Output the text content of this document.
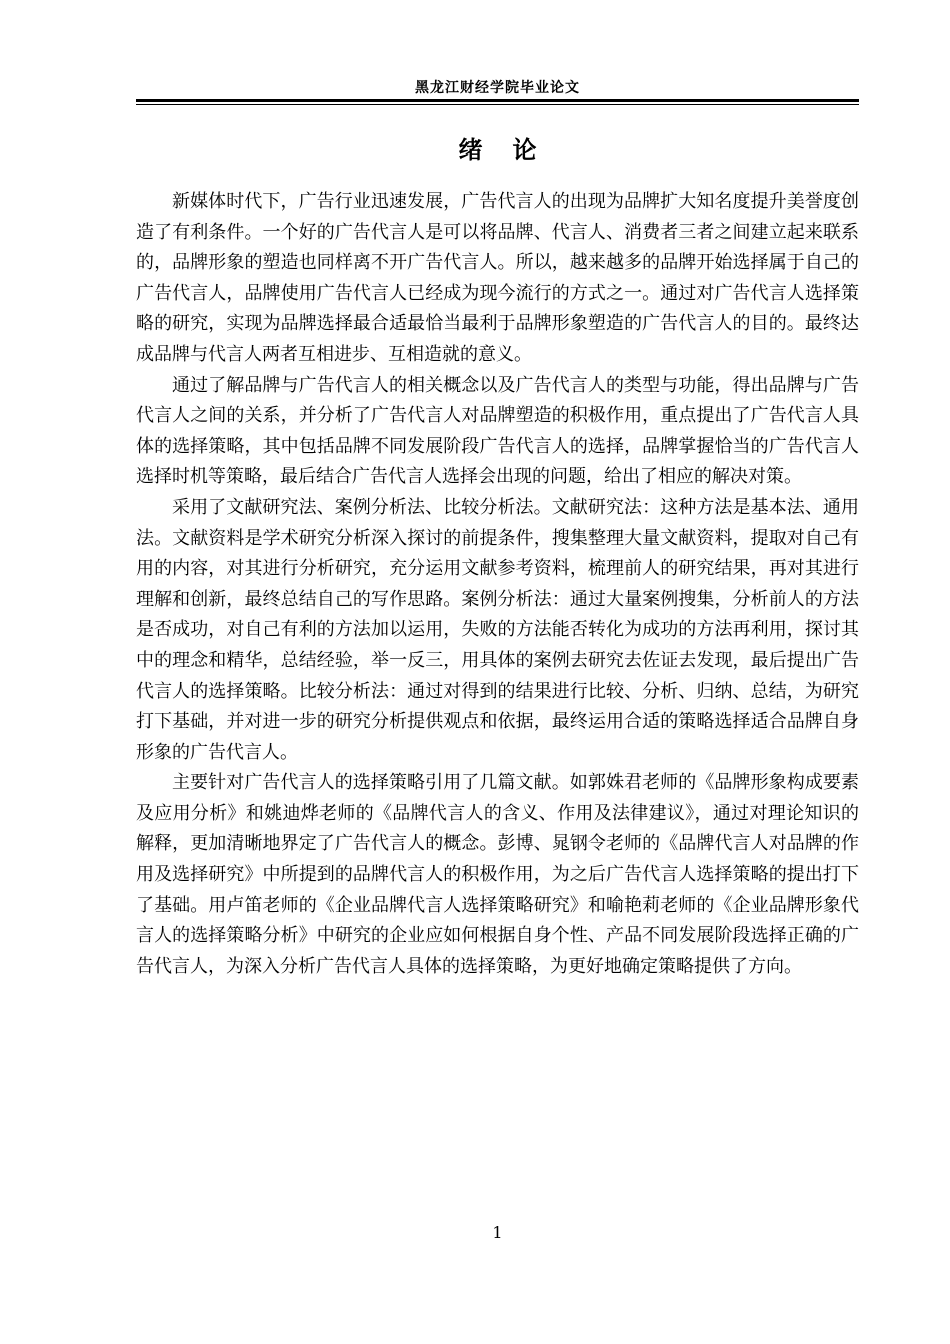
黑龙江财经学院毕业论文
绪论

新媒体时代下，广告行业迅速发展，广告代言人的出现为品牌扩大知名度提升美誉度创造了有利条件。一个好的广告代言人是可以将品牌、代言人、消费者三者之间建立起来联系的，品牌形象的塑造也同样离不开广告代言人。所以，越来越多的品牌开始选择属于自己的广告代言人，品牌使用广告代言人已经成为现今流行的方式之一。通过对广告代言人选择策略的研究，实现为品牌选择最合适最恰当最利于品牌形象塑造的广告代言人的目的。最终达成品牌与代言人两者互相进步、互相造就的意义。

通过了解品牌与广告代言人的相关概念以及广告代言人的类型与功能，得出品牌与广告代言人之间的关系，并分析了广告代言人对品牌塑造的积极作用，重点提出了广告代言人具体的选择策略，其中包括品牌不同发展阶段广告代言人的选择，品牌掌握恰当的广告代言人选择时机等策略，最后结合广告代言人选择会出现的问题，给出了相应的解决对策。

采用了文献研究法、案例分析法、比较分析法。文献研究法：这种方法是基本法、通用法。文献资料是学术研究分析深入探讨的前提条件，搜集整理大量文献资料，提取对自己有用的内容，对其进行分析研究，充分运用文献参考资料，梳理前人的研究结果，再对其进行理解和创新，最终总结自己的写作思路。案例分析法：通过大量案例搜集，分析前人的方法是否成功，对自己有利的方法加以运用，失败的方法能否转化为成功的方法再利用，探讨其中的理念和精华，总结经验，举一反三，用具体的案例去研究去佐证去发现，最后提出广告代言人的选择策略。比较分析法：通过对得到的结果进行比较、分析、归纳、总结，为研究打下基础，并对进一步的研究分析提供观点和依据，最终运用合适的策略选择适合品牌自身形象的广告代言人。

主要针对广告代言人的选择策略引用了几篇文献。如郭姝君老师的《品牌形象构成要素及应用分析》和姚迪烨老师的《品牌代言人的含义、作用及法律建议》，通过对理论知识的解释，更加清晰地界定了广告代言人的概念。彭博、晁钢令老师的《品牌代言人对品牌的作用及选择研究》中所提到的品牌代言人的积极作用，为之后广告代言人选择策略的提出打下了基础。用卢笛老师的《企业品牌代言人选择策略研究》和喻艳莉老师的《企业品牌形象代言人的选择策略分析》中研究的企业应如何根据自身个性、产品不同发展阶段选择正确的广告代言人，为深入分析广告代言人具体的选择策略，为更好地确定策略提供了方向。

1
